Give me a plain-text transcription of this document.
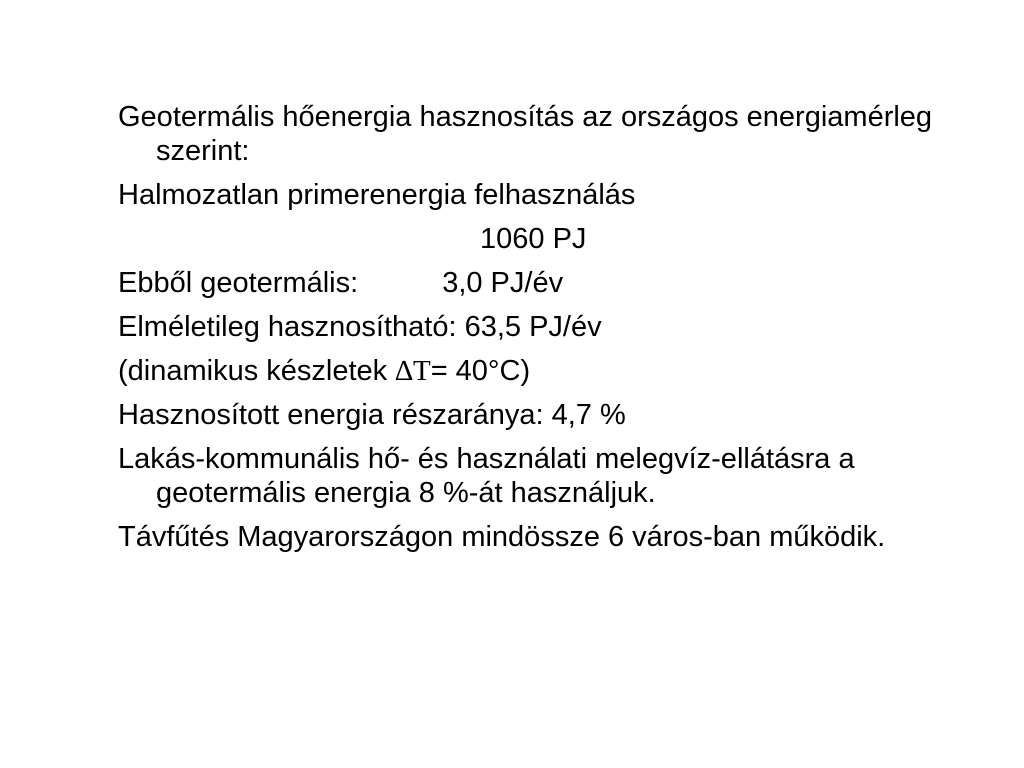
Geotermális hőenergia hasznosítás az országos energiamérleg szerint:

Halmozatlan primerenergia felhasználás

1060 PJ

Ebből geotermális:	3,0 PJ/év

Elméletileg hasznosítható: 63,5 PJ/év

(dinamikus készletek ∆T= 40°C)

Hasznosított energia részaránya: 4,7 %

Lakás-kommunális hő- és használati melegvíz-ellátásra a geotermális energia 8 %-át használjuk.

Távfűtés Magyarországon mindössze 6 város-ban működik.
